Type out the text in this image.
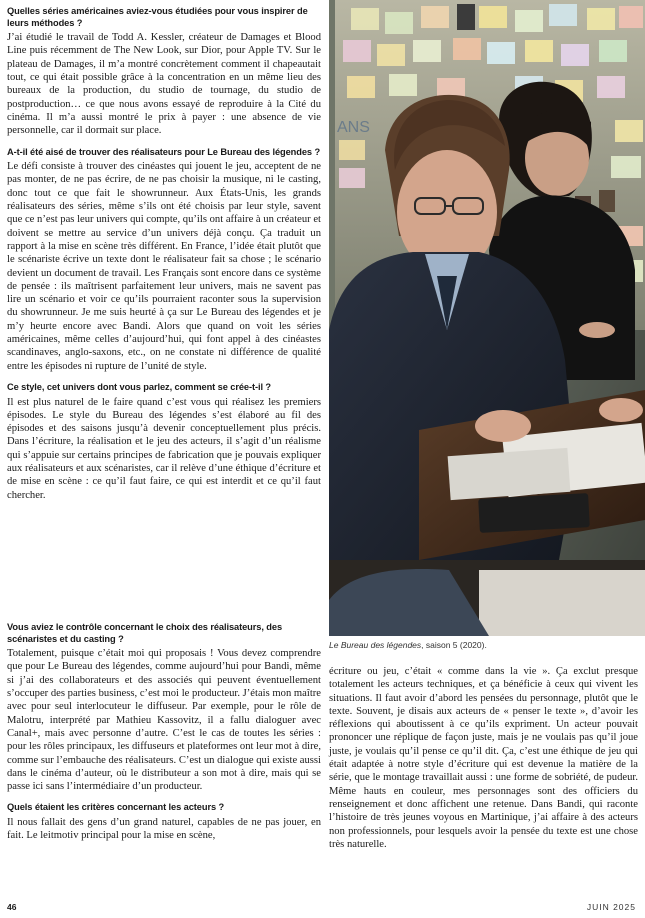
Quelles séries américaines aviez-vous étudiées pour vous inspirer de leurs méthodes ?
J’ai étudié le travail de Todd A. Kessler, créateur de Damages et Blood Line puis récemment de The New Look, sur Dior, pour Apple TV. Sur le plateau de Damages, il m’a montré concrètement comment il chapeautait tout, ce qui était possible grâce à la concentration en un même lieu des bureaux de la production, du studio de tournage, du studio de postproduction… ce que nous avons essayé de reproduire à la Cité du cinéma. Il m’a aussi montré le prix à payer : une absence de vie personnelle, car il dormait sur place.
A-t-il été aisé de trouver des réalisateurs pour Le Bureau des légendes ?
Le défi consiste à trouver des cinéastes qui jouent le jeu, acceptent de ne pas monter, de ne pas écrire, de ne pas choisir la musique, ni le casting, donc tout ce que fait le showrunneur. Aux États-Unis, les grands réalisateurs des séries, même s’ils ont été choisis par leur style, savent que ce n’est pas leur univers qui compte, qu’ils ont affaire à un créateur et doivent se mettre au service d’un univers déjà conçu. Ça traduit un rapport à la mise en scène très différent. En France, l’idée était plutôt que le scénariste écrive un texte dont le réalisateur fait sa chose ; le scénario devient un document de travail. Les Français sont encore dans ce système de pensée : ils maîtrisent parfaitement leur univers, mais ne savent pas lire un scénario et voir ce qu’ils pourraient raconter sous la supervision du showrunneur. Je me suis heurté à ça sur Le Bureau des légendes et je m’y heurte encore avec Bandi. Alors que quand on voit les séries américaines, même celles d’aujourd’hui, qui font appel à des cinéastes scandinaves, anglo-saxons, etc., on ne constate ni différence de qualité entre les épisodes ni rupture de l’unité de style.
Ce style, cet univers dont vous parlez, comment se crée-t-il ?
Il est plus naturel de le faire quand c’est vous qui réalisez les premiers épisodes. Le style du Bureau des légendes s’est élaboré au fil des épisodes et des saisons jusqu’à devenir conceptuellement plus précis. Dans l’écriture, la réalisation et le jeu des acteurs, il s’agit d’un réalisme qui s’appuie sur certains principes de fabrication que je pouvais expliquer aux réalisateurs et aux scénaristes, car il relève d’une éthique d’écriture et de mise en scène : ce qu’il faut faire, ce qui est interdit et ce qu’il faut chercher.
ANS
Le Bureau des légendes, saison 5 (2020).
Vous aviez le contrôle concernant le choix des réalisateurs, des scénaristes et du casting ?
Totalement, puisque c’était moi qui proposais ! Vous devez comprendre que pour Le Bureau des légendes, comme aujourd’hui pour Bandi, même si j’ai des collaborateurs et des associés qui peuvent éventuellement s’occuper des parties business, c’est moi le producteur. J’étais mon maître avec pour seul interlocuteur le diffuseur. Par exemple, pour le rôle de Malotru, interprété par Mathieu Kassovitz, il a fallu dialoguer avec Canal+, mais avec personne d’autre. C’est le cas de toutes les séries : pour les rôles principaux, les diffuseurs et plateformes ont leur mot à dire, comme sur l’embauche des réalisateurs. C’est un dialogue qui existe aussi dans le cinéma d’auteur, où le distributeur a son mot à dire, mais qui se passe ici sans l’intermédiaire d’un producteur.
Quels étaient les critères concernant les acteurs ?
Il nous fallait des gens d’un grand naturel, capables de ne pas jouer, en fait. Le leitmotiv principal pour la mise en scène,
écriture ou jeu, c’était « comme dans la vie ». Ça exclut presque totalement les acteurs techniques, et ça bénéficie à ceux qui vivent les situations. Il faut avoir d’abord les pensées du personnage, plutôt que le texte. Souvent, je disais aux acteurs de « penser le texte », d’avoir les réflexions qui aboutissent à ce qu’ils expriment. Un acteur pouvait prononcer une réplique de façon juste, mais je ne voulais pas qu’il joue juste, je voulais qu’il pense ce qu’il dit. Ça, c’est une éthique de jeu qui était adaptée à notre style d’écriture qui est devenue la matière de la série, que le montage travaillait aussi : une forme de sobriété, de pudeur. Même hauts en couleur, mes personnages sont des officiers du renseignement et donc affichent une retenue. Dans Bandi, qui raconte l’histoire de très jeunes voyous en Martinique, j’ai affaire à des acteurs non professionnels, pour lesquels avoir la pensée du texte est une chose très naturelle.
46	JUIN 2025
